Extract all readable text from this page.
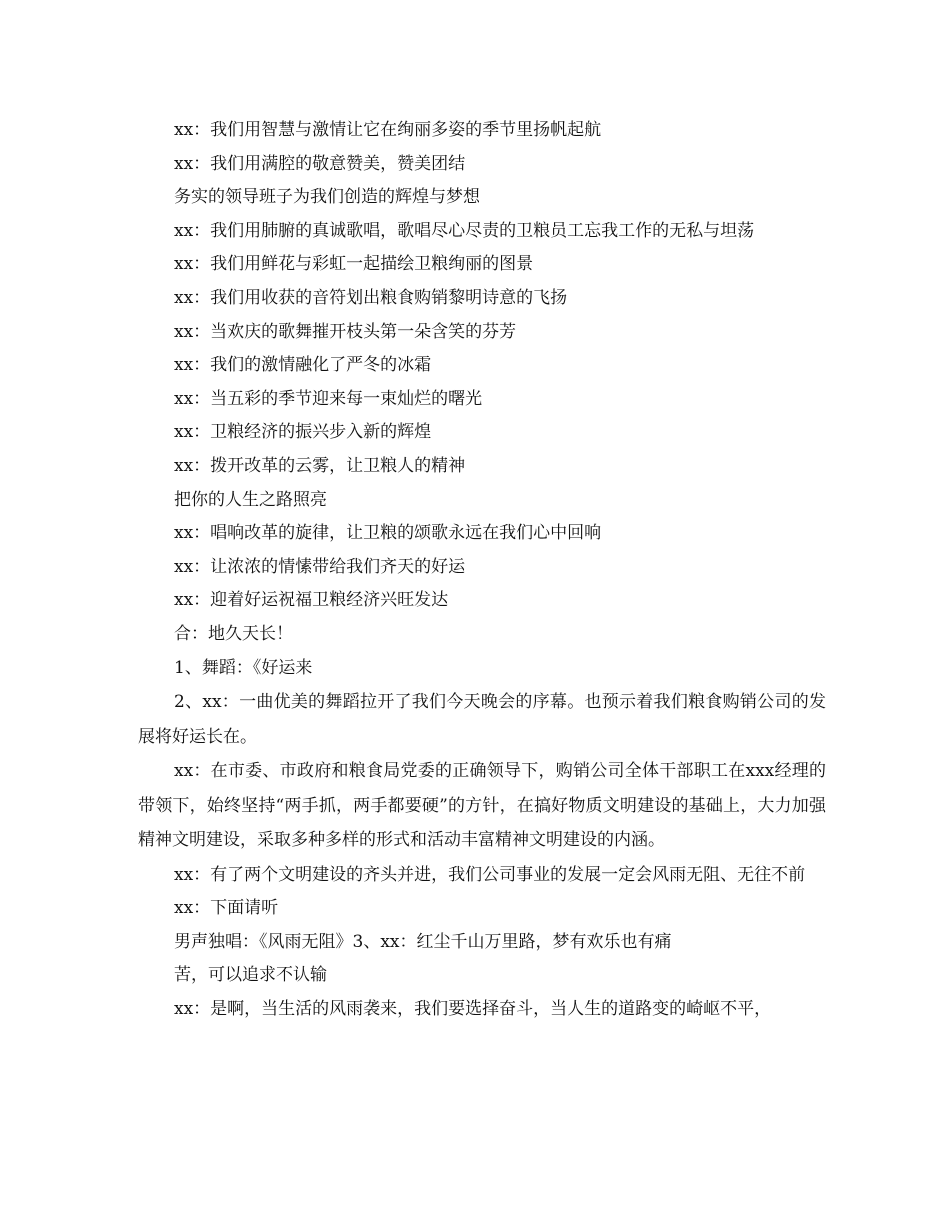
xx：我们用智慧与激情让它在绚丽多姿的季节里扬帆起航
xx：我们用满腔的敬意赞美，赞美团结
务实的领导班子为我们创造的辉煌与梦想
xx：我们用肺腑的真诚歌唱，歌唱尽心尽责的卫粮员工忘我工作的无私与坦荡
xx：我们用鲜花与彩虹一起描绘卫粮绚丽的图景
xx：我们用收获的音符划出粮食购销黎明诗意的飞扬
xx：当欢庆的歌舞摧开枝头第一朵含笑的芬芳
xx：我们的激情融化了严冬的冰霜
xx：当五彩的季节迎来每一束灿烂的曙光
xx：卫粮经济的振兴步入新的辉煌
xx：拨开改革的云雾，让卫粮人的精神
把你的人生之路照亮
xx：唱响改革的旋律，让卫粮的颂歌永远在我们心中回响
xx：让浓浓的情愫带给我们齐天的好运
xx：迎着好运祝福卫粮经济兴旺发达
合：地久天长！
1、舞蹈：《好运来
2、xx：一曲优美的舞蹈拉开了我们今天晚会的序幕。也预示着我们粮食购销公司的发展将好运长在。
xx：在市委、市政府和粮食局党委的正确领导下，购销公司全体干部职工在xxx经理的带领下，始终坚持“两手抓，两手都要硬”的方针，在搞好物质文明建设的基础上，大力加强精神文明建设，采取多种多样的形式和活动丰富精神文明建设的内涵。
xx：有了两个文明建设的齐头并进，我们公司事业的发展一定会风雨无阻、无往不前
xx：下面请听
男声独唱：《风雨无阻》3、xx：红尘千山万里路，梦有欢乐也有痛
苦，可以追求不认输
xx：是啊，当生活的风雨袭来，我们要选择奋斗，当人生的道路变的崎岖不平，
